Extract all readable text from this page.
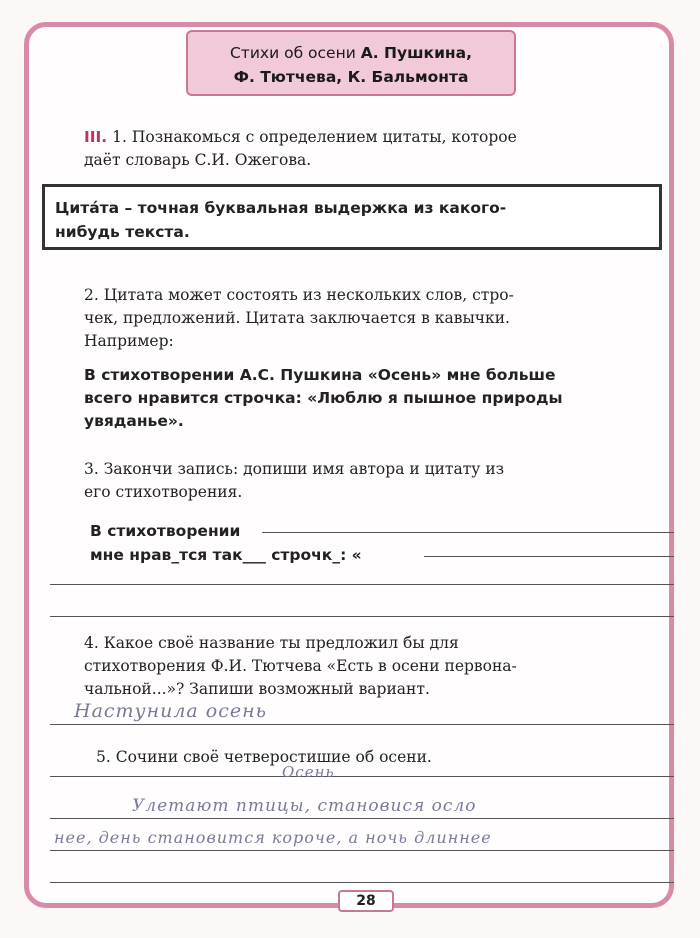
Стихи об осени А. Пушкина,
Ф. Тютчева, К. Бальмонта
III. 1. Познакомься с определением цитаты, которое
даёт словарь С.И. Ожегова.
Цита́та – точная буквальная выдержка из какого-
нибудь текста.
2. Цитата может состоять из нескольких слов, стро-
чек, предложений. Цитата заключается в кавычки.
Например:
В стихотворении А.С. Пушкина «Осень» мне больше
всего нравится строчка: «Люблю я пышное природы
увяданье».
3. Закончи запись: допиши имя автора и цитату из
его стихотворения.
В стихотворении
мне нрав_тся так___ строчк_: «
4. Какое своё название ты предложил бы для
стихотворения Ф.И. Тютчева «Есть в осени первона-
чальной...»? Запиши возможный вариант.
Настунила осень
5. Сочини своё четверостишие об осени.
Осень
Улетают птицы, становися осло
нее, день становится короче, а ночь длиннее
28
